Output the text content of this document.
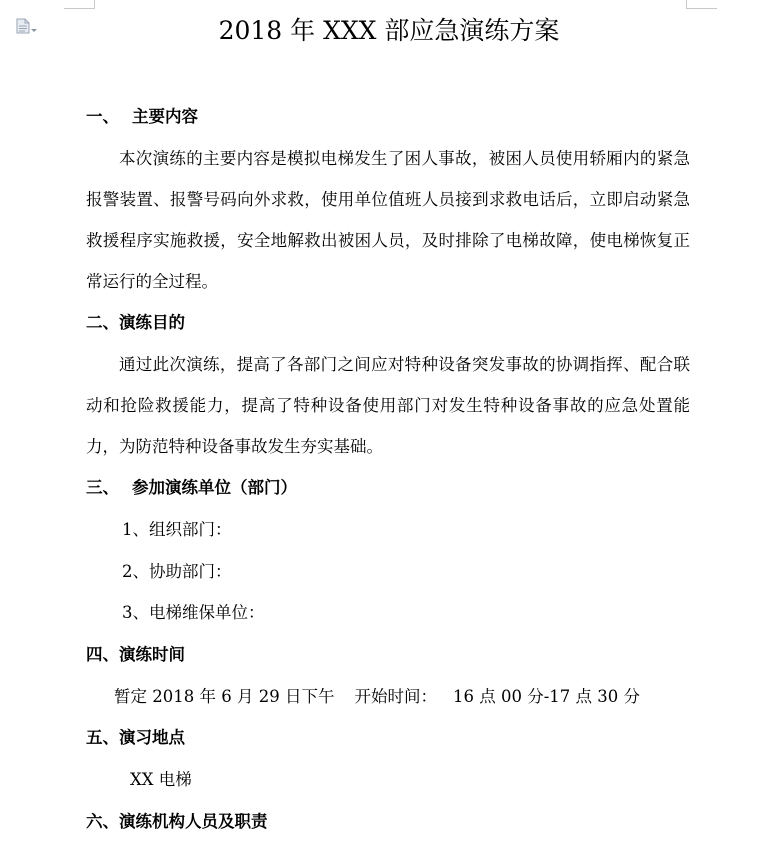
2018 年 XXX 部应急演练方案
一、 主要内容

本次演练的主要内容是模拟电梯发生了困人事故，被困人员使用轿厢内的紧急报警装置、报警号码向外求救，使用单位值班人员接到求救电话后，立即启动紧急救援程序实施救援，安全地解救出被困人员，及时排除了电梯故障，使电梯恢复正常运行的全过程。

二、演练目的

通过此次演练，提高了各部门之间应对特种设备突发事故的协调指挥、配合联动和抢险救援能力，提高了特种设备使用部门对发生特种设备事故的应急处置能力，为防范特种设备事故发生夯实基础。

三、 参加演练单位（部门）
1、组织部门：
2、协助部门：
3、电梯维保单位：
四、演练时间
暂定 2018 年 6 月 29 日下午 开始时间： 16 点 00 分-17 点 30 分
五、演习地点
XX 电梯
六、演练机构人员及职责
